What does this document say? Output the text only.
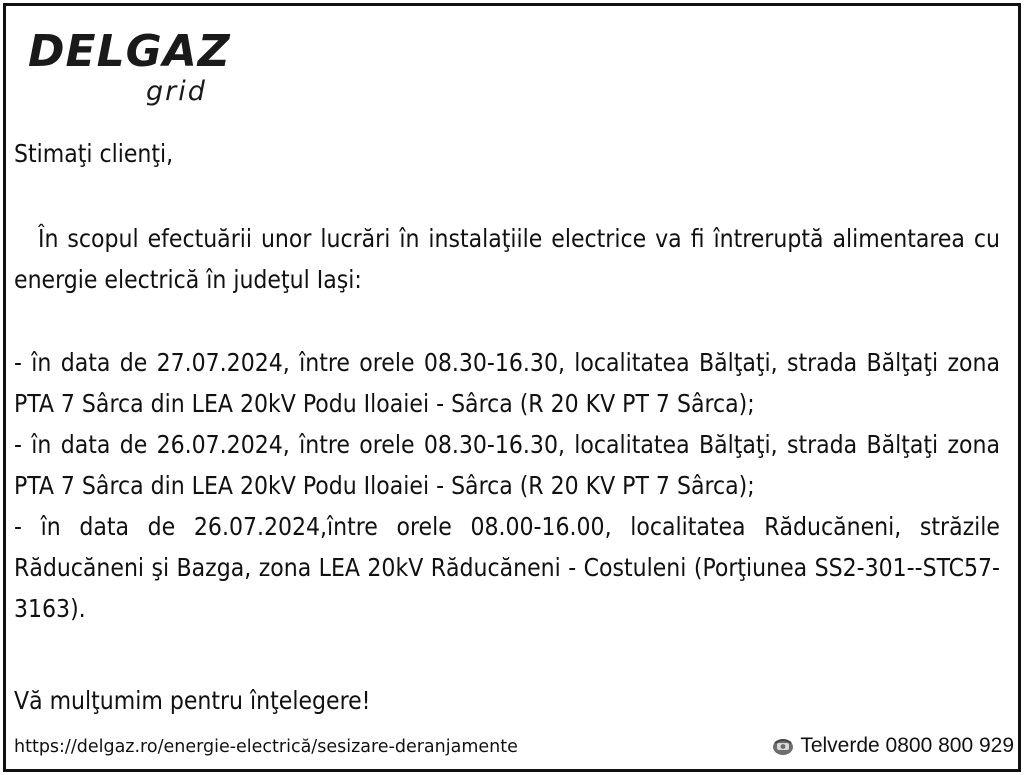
DELGAZ
grid
Stimaţi clienţi,
În scopul efectuării unor lucrări în instalaţiile electrice va fi întreruptă alimentarea cu energie electrică în judeţul Iaşi:
- în data de 27.07.2024, între orele 08.30-16.30, localitatea Bălţaţi, strada Bălţaţi zona PTA 7 Sârca din LEA 20kV Podu Iloaiei - Sârca (R 20 KV PT 7 Sârca);
- în data de 26.07.2024, între orele 08.30-16.30, localitatea Bălţaţi, strada Bălţaţi zona PTA 7 Sârca din LEA 20kV Podu Iloaiei - Sârca (R 20 KV PT 7 Sârca);
- în data de 26.07.2024,între orele 08.00-16.00, localitatea Răducăneni, străzile Răducăneni şi Bazga, zona LEA 20kV Răducăneni - Costuleni (Porţiunea SS2-301--STC57-3163).
Vă mulţumim pentru înţelegere!
https://delgaz.ro/energie-electrică/sesizare-deranjamente	Telverde 0800 800 929
